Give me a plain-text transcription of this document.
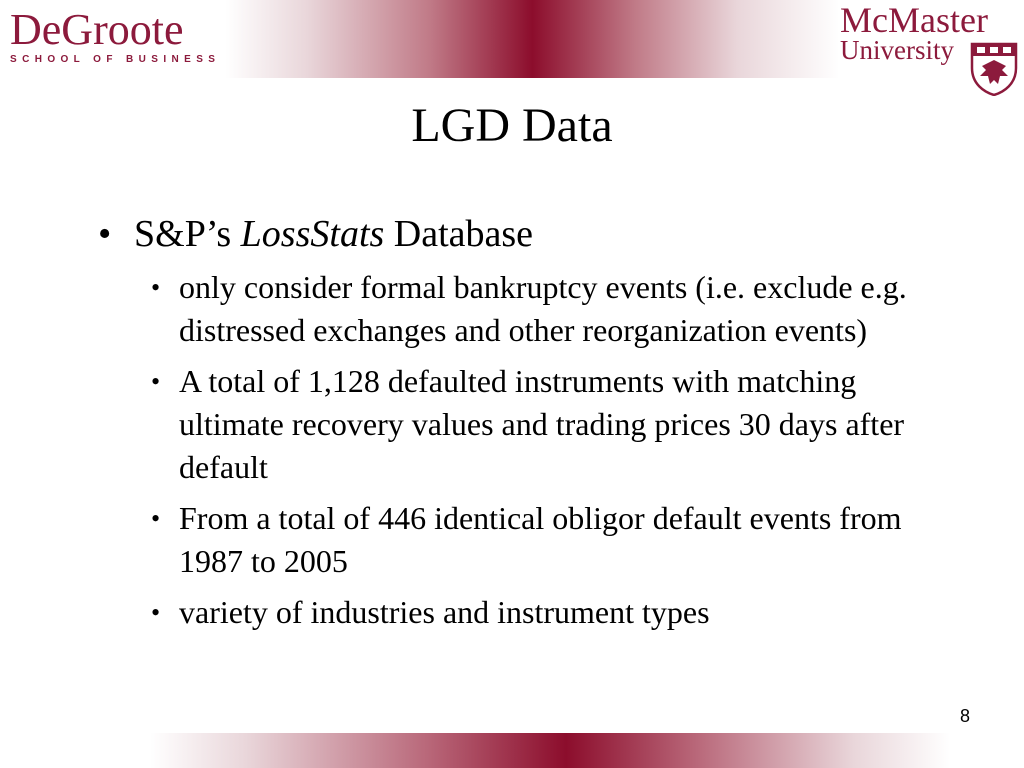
DeGroote
SCHOOL OF BUSINESS
McMaster
University
LGD Data
• S&P’s LossStats Database
• only consider formal bankruptcy events (i.e. exclude e.g. distressed exchanges and other reorganization events)
• A total of 1,128 defaulted instruments with matching ultimate recovery values and trading prices 30 days after default
• From a total of 446 identical obligor default events from 1987 to 2005
• variety of industries and instrument types
8
